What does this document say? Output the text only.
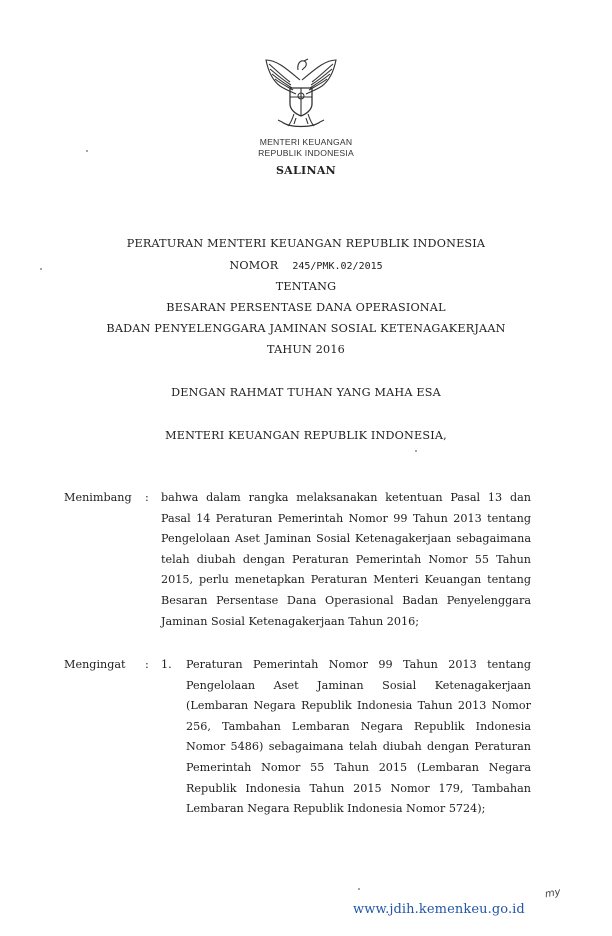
MENTERI KEUANGAN
REPUBLIK INDONESIA
SALINAN
PERATURAN MENTERI KEUANGAN REPUBLIK INDONESIA
NOMOR 245/PMK.02/2015
TENTANG
BESARAN PERSENTASE DANA OPERASIONAL
BADAN PENYELENGGARA JAMINAN SOSIAL KETENAGAKERJAAN
TAHUN 2016
DENGAN RAHMAT TUHAN YANG MAHA ESA
MENTERI KEUANGAN REPUBLIK INDONESIA,
Menimbang : bahwa dalam rangka melaksanakan ketentuan Pasal 13 dan Pasal 14 Peraturan Pemerintah Nomor 99 Tahun 2013 tentang Pengelolaan Aset Jaminan Sosial Ketenagakerjaan sebagaimana telah diubah dengan Peraturan Pemerintah Nomor 55 Tahun 2015, perlu menetapkan Peraturan Menteri Keuangan tentang Besaran Persentase Dana Operasional Badan Penyelenggara Jaminan Sosial Ketenagakerjaan Tahun 2016;

Mengingat : 1. Peraturan Pemerintah Nomor 99 Tahun 2013 tentang Pengelolaan Aset Jaminan Sosial Ketenagakerjaan (Lembaran Negara Republik Indonesia Tahun 2013 Nomor 256, Tambahan Lembaran Negara Republik Indonesia Nomor 5486) sebagaimana telah diubah dengan Peraturan Pemerintah Nomor 55 Tahun 2015 (Lembaran Negara Republik Indonesia Tahun 2015 Nomor 179, Tambahan Lembaran Negara Republik Indonesia Nomor 5724);

www.jdih.kemenkeu.go.id
my
